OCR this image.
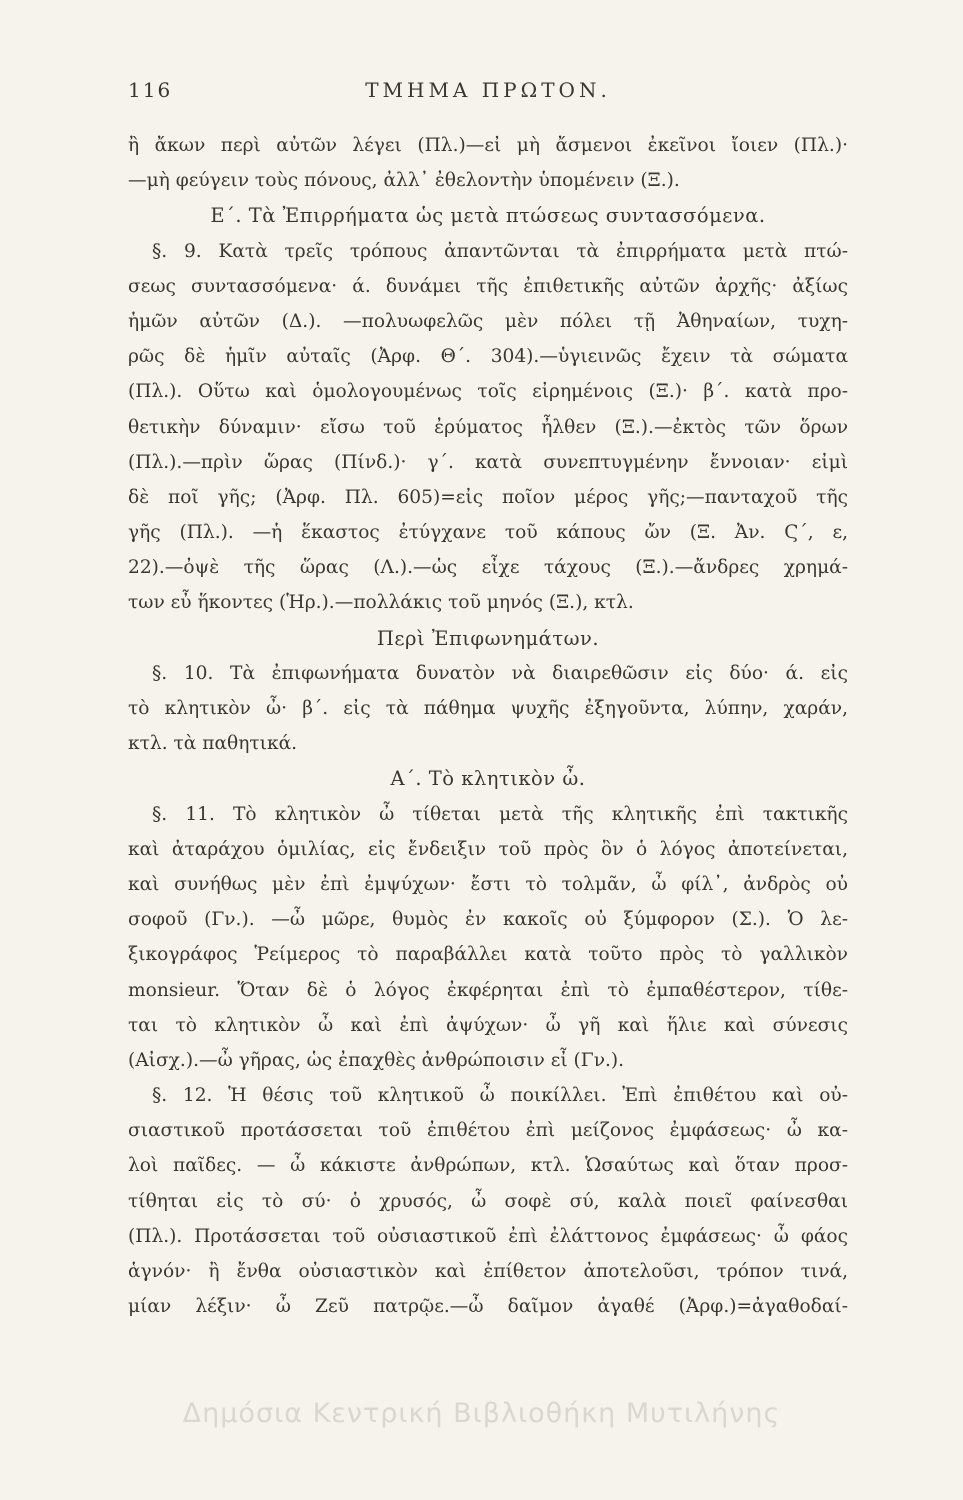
116	ΤΜΗΜΑ ΠΡΩΤΟΝ.
ἢ ἄκων περὶ αὐτῶν λέγει (Πλ.)—εἰ μὴ ἄσμενοι ἐκεῖνοι ἴοιεν (Πλ.)·
—μὴ φεύγειν τοὺς πόνους, ἀλλ᾽ ἐθελοντὴν ὑπομένειν (Ξ.).
Ε΄. Τὰ Ἐπιρρήματα ὡς μετὰ πτώσεως συντασσόμενα.
§. 9. Κατὰ τρεῖς τρόπους ἀπαντῶνται τὰ ἐπιρρήματα μετὰ πτώ-
σεως συντασσόμενα· ά. δυνάμει τῆς ἐπιθετικῆς αὐτῶν ἀρχῆς· ἀξίως
ἡμῶν αὐτῶν (Δ.). —πολυωφελῶς μὲν πόλει τῇ Ἀθηναίων, τυχη-
ρῶς δὲ ἡμῖν αὐταῖς (Ἀρφ. Θ΄. 304).—ὑγιεινῶς ἔχειν τὰ σώματα
(Πλ.). Οὕτω καὶ ὁμολογουμένως τοῖς εἰρημένοις (Ξ.)· β΄. κατὰ προ-
θετικὴν δύναμιν· εἴσω τοῦ ἐρύματος ἦλθεν (Ξ.).—ἐκτὸς τῶν ὅρων
(Πλ.).—πρὶν ὥρας (Πίνδ.)· γ΄. κατὰ συνεπτυγμένην ἔννοιαν· εἰμὶ
δὲ ποῖ γῆς; (Ἀρφ. Πλ. 605)=εἰς ποῖον μέρος γῆς;—πανταχοῦ τῆς
γῆς (Πλ.). —ἡ ἕκαστος ἐτύγχανε τοῦ κάπους ὤν (Ξ. Ἀν. Ϛ΄, ε,
22).—ὀψὲ τῆς ὥρας (Λ.).—ὡς εἶχε τάχους (Ξ.).—ἄνδρες χρημά-
των εὖ ἥκοντες (Ἡρ.).—πολλάκις τοῦ μηνός (Ξ.), κτλ.
Περὶ Ἐπιφωνημάτων.
§. 10. Τὰ ἐπιφωνήματα δυνατὸν νὰ διαιρεθῶσιν εἰς δύο· ά. εἰς
τὸ κλητικὸν ὦ· β΄. εἰς τὰ πάθημα ψυχῆς ἐξηγοῦντα, λύπην, χαράν,
κτλ. τὰ παθητικά.
Α΄. Τὸ κλητικὸν ὦ.
§. 11. Τὸ κλητικὸν ὦ τίθεται μετὰ τῆς κλητικῆς ἐπὶ τακτικῆς
καὶ ἀταράχου ὁμιλίας, εἰς ἔνδειξιν τοῦ πρὸς ὃν ὁ λόγος ἀποτείνεται,
καὶ συνήθως μὲν ἐπὶ ἐμψύχων· ἔστι τὸ τολμᾶν, ὦ φίλ᾽, ἀνδρὸς οὐ
σοφοῦ (Γν.). —ὦ μῶρε, θυμὸς ἐν κακοῖς οὐ ξύμφορον (Σ.). Ὁ λε-
ξικογράφος Ῥείμερος τὸ παραβάλλει κατὰ τοῦτο πρὸς τὸ γαλλικὸν
monsieur. Ὅταν δὲ ὁ λόγος ἐκφέρηται ἐπὶ τὸ ἐμπαθέστερον, τίθε-
ται τὸ κλητικὸν ὦ καὶ ἐπὶ ἀψύχων· ὦ γῆ καὶ ἥλιε καὶ σύνεσις
(Αἰσχ.).—ὦ γῆρας, ὡς ἐπαχθὲς ἀνθρώποισιν εἶ (Γν.).
§. 12. Ἡ θέσις τοῦ κλητικοῦ ὦ ποικίλλει. Ἐπὶ ἐπιθέτου καὶ οὐ-
σιαστικοῦ προτάσσεται τοῦ ἐπιθέτου ἐπὶ μείζονος ἐμφάσεως· ὦ κα-
λοὶ παῖδες. — ὦ κάκιστε ἀνθρώπων, κτλ. Ὡσαύτως καὶ ὅταν προσ-
τίθηται εἰς τὸ σύ· ὁ χρυσός, ὦ σοφὲ σύ, καλὰ ποιεῖ φαίνεσθαι
(Πλ.). Προτάσσεται τοῦ οὐσιαστικοῦ ἐπὶ ἐλάττονος ἐμφάσεως· ὦ φάος
ἁγνόν· ἢ ἔνθα οὐσιαστικὸν καὶ ἐπίθετον ἀποτελοῦσι, τρόπον τινά,
μίαν λέξιν· ὦ Ζεῦ πατρῷε.—ὦ δαῖμον ἀγαθέ (Ἀρφ.)=ἀγαθοδαί-
Δημόσια Κεντρική Βιβλιοθήκη Μυτιλήνης
